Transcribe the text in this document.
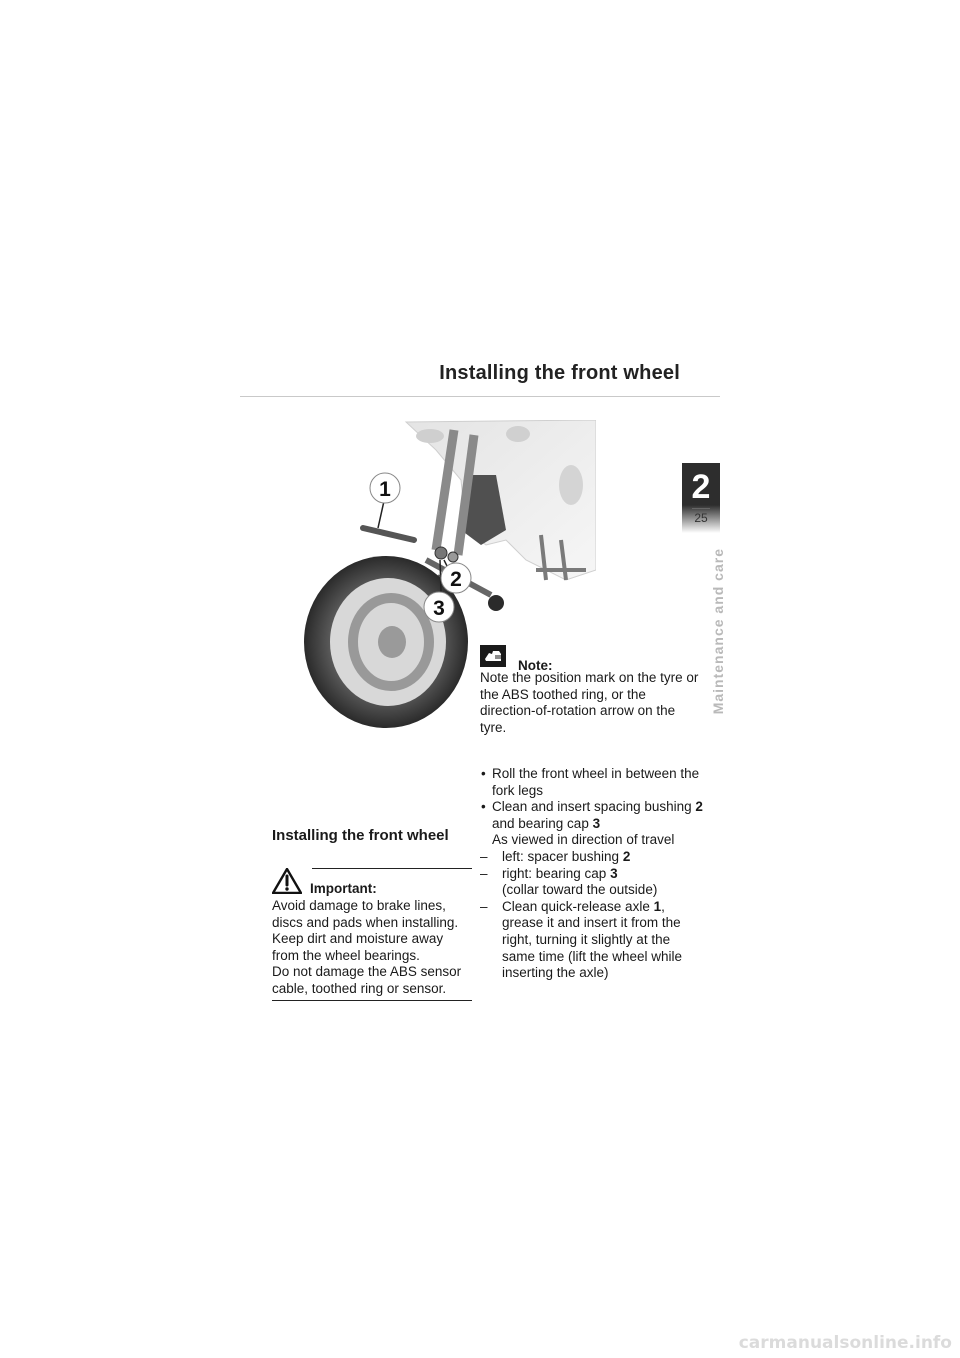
Installing the front wheel
2
25
Maintenance and care
1
2
3
Note:
Note the position mark on the tyre or the ABS toothed ring, or the direction-of-rotation arrow on the tyre.
• Roll the front wheel in between the fork legs
• Clean and insert spacing bushing 2 and bearing cap 3
As viewed in direction of travel
– left: spacer bushing 2
– right: bearing cap 3
(collar toward the outside)
– Clean quick-release axle 1, grease it and insert it from the right, turning it slightly at the same time (lift the wheel while inserting the axle)
Installing the front wheel
Important:
Avoid damage to brake lines, discs and pads when installing.
Keep dirt and moisture away from the wheel bearings.
Do not damage the ABS sensor cable, toothed ring or sensor.
carmanualsonline.info
